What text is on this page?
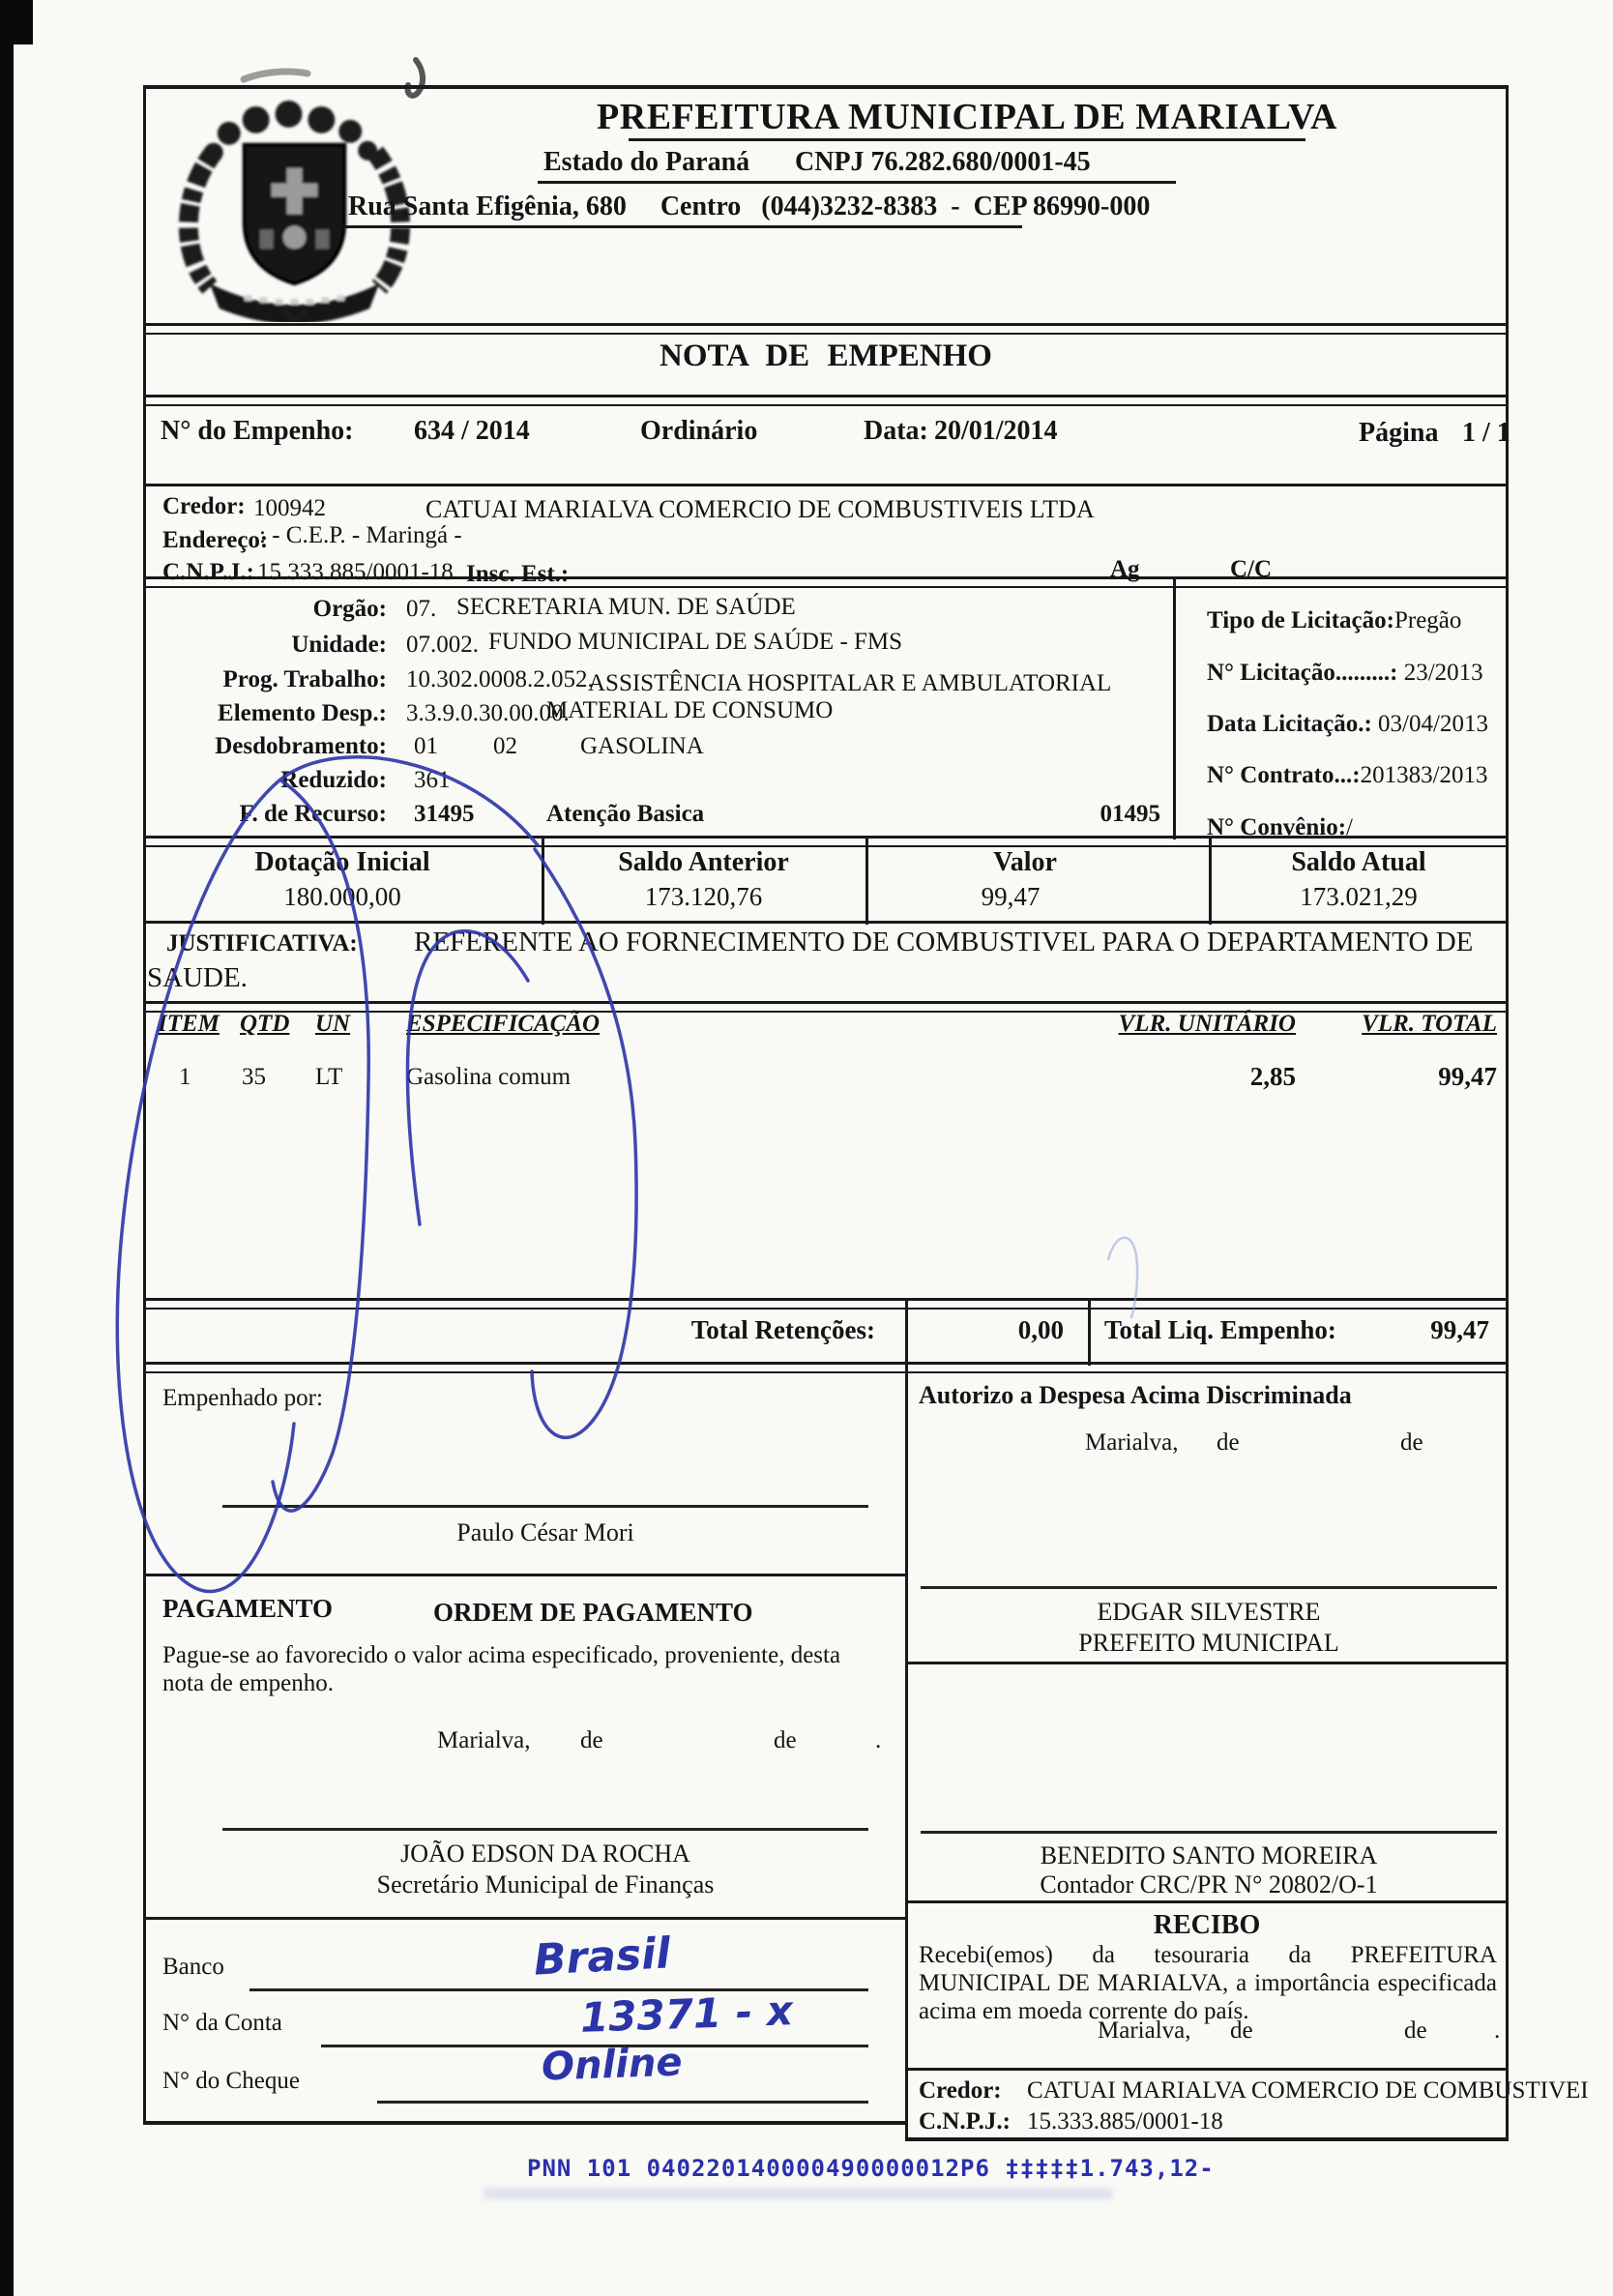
PREFEITURA MUNICIPAL DE MARIALVA
Estado do Paraná CNPJ 76.282.680/0001-45
Rua Santa Efigênia, 680     Centro   (044)3232-8383  -  CEP 86990-000
NOTA DE EMPENHO
N° do Empenho: 634 / 2014	Ordinário	Data: 20/01/2014	Página 1 / 1
Credor: 100942	CATUAI MARIALVA COMERCIO DE COMBUSTIVEIS LTDA
Endereço:
: - C.E.P. - Maringá -
C.N.P.J.: 15.333.885/0001-18 Insc. Est.:	Ag	C/C
Orgão: 07. SECRETARIA MUN. DE SAÚDE
Unidade: 07.002. FUNDO MUNICIPAL DE SAÚDE - FMS
Prog. Trabalho: 10.302.0008.2.052.
ASSISTÊNCIA HOSPITALAR E AMBULATORIAL
Elemento Desp.: 3.3.9.0.30.00.00.
MATERIAL DE CONSUMO
Desdobramento: 01 02	GASOLINA
Reduzido: 361
F. de Recurso: 31495	Atenção Basica	01495
Tipo de Licitação:Pregão
N° Licitação.........: 23/2013
Data Licitação.: 03/04/2013
N° Contrato...:201383/2013
N° Convênio:/
Dotação Inicial
180.000,00
Saldo Anterior
173.120,76
Valor
99,47
Saldo Atual
173.021,29
JUSTIFICATIVA: REFERENTE AO FORNECIMENTO DE COMBUSTIVEL PARA O DEPARTAMENTO DE
SAUDE.
ITEM QTD UN ESPECIFICAÇÃO	VLR. UNITÁRIO	VLR. TOTAL
1 35 LT	Gasolina comum	2,85	99,47
Total Retenções:	0,00 Total Liq. Empenho:	99,47
Empenhado por:
Paulo César Mori
PAGAMENTO	ORDEM DE PAGAMENTO
Pague-se ao favorecido o valor acima especificado, proveniente, desta nota de empenho.
Marialva, de	de	.
JOÃO EDSON DA ROCHA
Secretário Municipal de Finanças
Banco	Brasil
N° da Conta	13371 - x
N° do Cheque	Online
Autorizo a Despesa Acima Discriminada
Marialva, de	de
EDGAR SILVESTRE
PREFEITO MUNICIPAL
BENEDITO SANTO MOREIRA
Contador CRC/PR N° 20802/O-1
RECIBO
Recebi(emos) da tesouraria da PREFEITURA MUNICIPAL DE MARIALVA, a importância especificada acima em moeda corrente do país.
Marialva, de	de	.
Credor: CATUAI MARIALVA COMERCIO DE COMBUSTIVEI
C.N.P.J.: 15.333.885/0001-18
PNN 101 040220140000490000012P6 ‡‡‡‡‡1.743,12-
